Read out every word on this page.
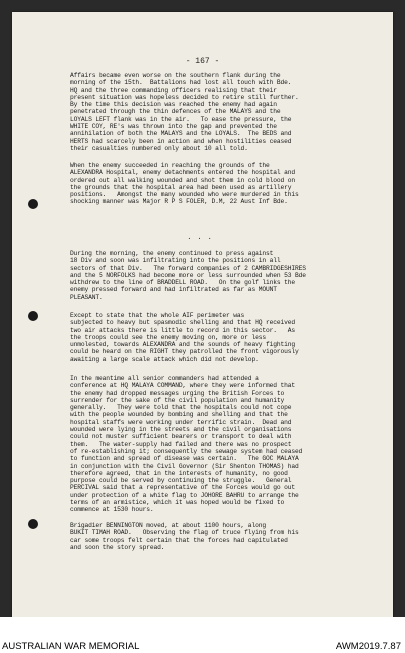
- 167 -
Affairs became even worse on the southern flank during the
morning of the 15th.  Battalions had lost all touch with Bde.
HQ and the three commanding officers realising that their
present situation was hopeless decided to retire still further.
By the time this decision was reached the enemy had again
penetrated through the thin defences of the MALAYS and the
LOYALS LEFT flank was in the air.   To ease the pressure, the
WHITE COY, RE's was thrown into the gap and prevented the
annihilation of both the MALAYS and the LOYALS.  The BEDS and
HERTS had scarcely been in action and when hostilities ceased
their casualties numbered only about 10 all told.
When the enemy succeeded in reaching the grounds of the
ALEXANDRA Hospital, enemy detachments entered the hospital and
ordered out all walking wounded and shot them in cold blood on
the grounds that the hospital area had been used as artillery
positions.   Amongst the many wounded who were murdered in this
shocking manner was Major R P S FOLER, D.M, 22 Aust Inf Bde.
...
During the morning, the enemy continued to press against
18 Div and soon was infiltrating into the positions in all
sectors of that Div.   The forward companies of 2 CAMBRIDGESHIRES
and the 5 NORFOLKS had become more or less surrounded when 53 Bde
withdrew to the line of BRADDELL ROAD.   On the golf links the
enemy pressed forward and had infiltrated as far as MOUNT
PLEASANT.
Except to state that the whole AIF perimeter was
subjected to heavy but spasmodic shelling and that HQ received
two air attacks there is little to record in this sector.   As
the troops could see the enemy moving on, more or less
unmolested, towards ALEXANDRA and the sounds of heavy fighting
could be heard on the RIGHT they patrolled the front vigorously
awaiting a large scale attack which did not develop.
In the meantime all senior commanders had attended a
conference at HQ MALAYA COMMAND, where they were informed that
the enemy had dropped messages urging the British Forces to
surrender for the sake of the civil population and humanity
generally.   They were told that the hospitals could not cope
with the people wounded by bombing and shelling and that the
hospital staffs were working under terrific strain.  Dead and
wounded were lying in the streets and the civil organisations
could not muster sufficient bearers or transport to deal with
them.   The water-supply had failed and there was no prospect
of re-establishing it; consequently the sewage system had ceased
to function and spread of disease was certain.   The GOC MALAYA
in conjunction with the Civil Governor (Sir Shenton THOMAS) had
therefore agreed, that in the interests of humanity, no good
purpose could be served by continuing the struggle.   General
PERCIVAL said that a representative of the Forces would go out
under protection of a white flag to JOHORE BAHRU to arrange the
terms of an armistice, which it was hoped would be fixed to
commence at 1530 hours.
Brigadier BENNINGTON moved, at about 1100 hours, along
BUKIT TIMAH ROAD.   Observing the flag of truce flying from his
car some troops felt certain that the forces had capitulated
and soon the story spread.
AUSTRALIAN WAR MEMORIAL	AWM2019.7.87
